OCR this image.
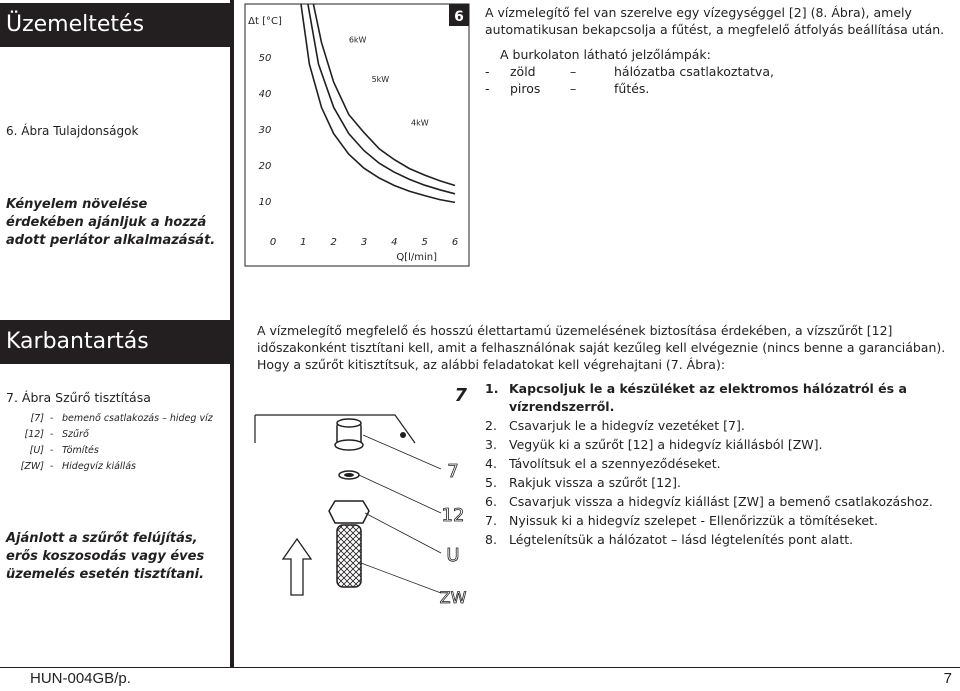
Üzemeltetés
6. Ábra Tulajdonságok
Kényelem növelése érdekében ajánljuk a hozzá adott perlátor alkalmazását.
Karbantartás
7. Ábra Szűrő tisztítása
[7] - bemenő csatlakozás – hideg víz
[12] - Szűrő
[U] - Tömítés
[ZW] - Hidegvíz kiállás
Ajánlott a szűrőt felújítás, erős koszosodás vagy éves üzemelés esetén tisztítani.
6
Δt [°C]
Q[l/min]
10
20
30
40
50
0 1 2 3 4 5 6
6kW
5kW
4kW
A vízmelegítő fel van szerelve egy vízegységgel [2] (8. Ábra), amely automatikusan bekapcsolja a fűtést, a megfelelő átfolyás beállítása után.
A burkolaton látható jelzőlámpák:
-	zöld	–	hálózatba csatlakoztatva,
-	piros	–	fűtés.
A vízmelegítő megfelelő és hosszú élettartamú üzemelésének biztosítása érdekében, a vízszűrőt [12] időszakonként tisztítani kell, amit a felhasználónak saját kezűleg kell elvégeznie (nincs benne a garanciában). Hogy a szűrőt kitisztítsuk, az alábbi feladatokat kell végrehajtani (7. Ábra):
7
7
12
U
ZW
1. Kapcsoljuk le a készüléket az elektromos hálózatról és a vízrendszerről.
2. Csavarjuk le a hidegvíz vezetéket [7].
3. Vegyük ki a szűrőt [12] a hidegvíz kiállásból [ZW].
4. Távolítsuk el a szennyeződéseket.
5. Rakjuk vissza a szűrőt [12].
6. Csavarjuk vissza a hidegvíz kiállást [ZW] a bemenő csatlakozáshoz.
7. Nyissuk ki a hidegvíz szelepet - Ellenőrizzük a tömítéseket.
8. Légtelenítsük a hálózatot – lásd légtelenítés pont alatt.
HUN-004GB/p.	7
